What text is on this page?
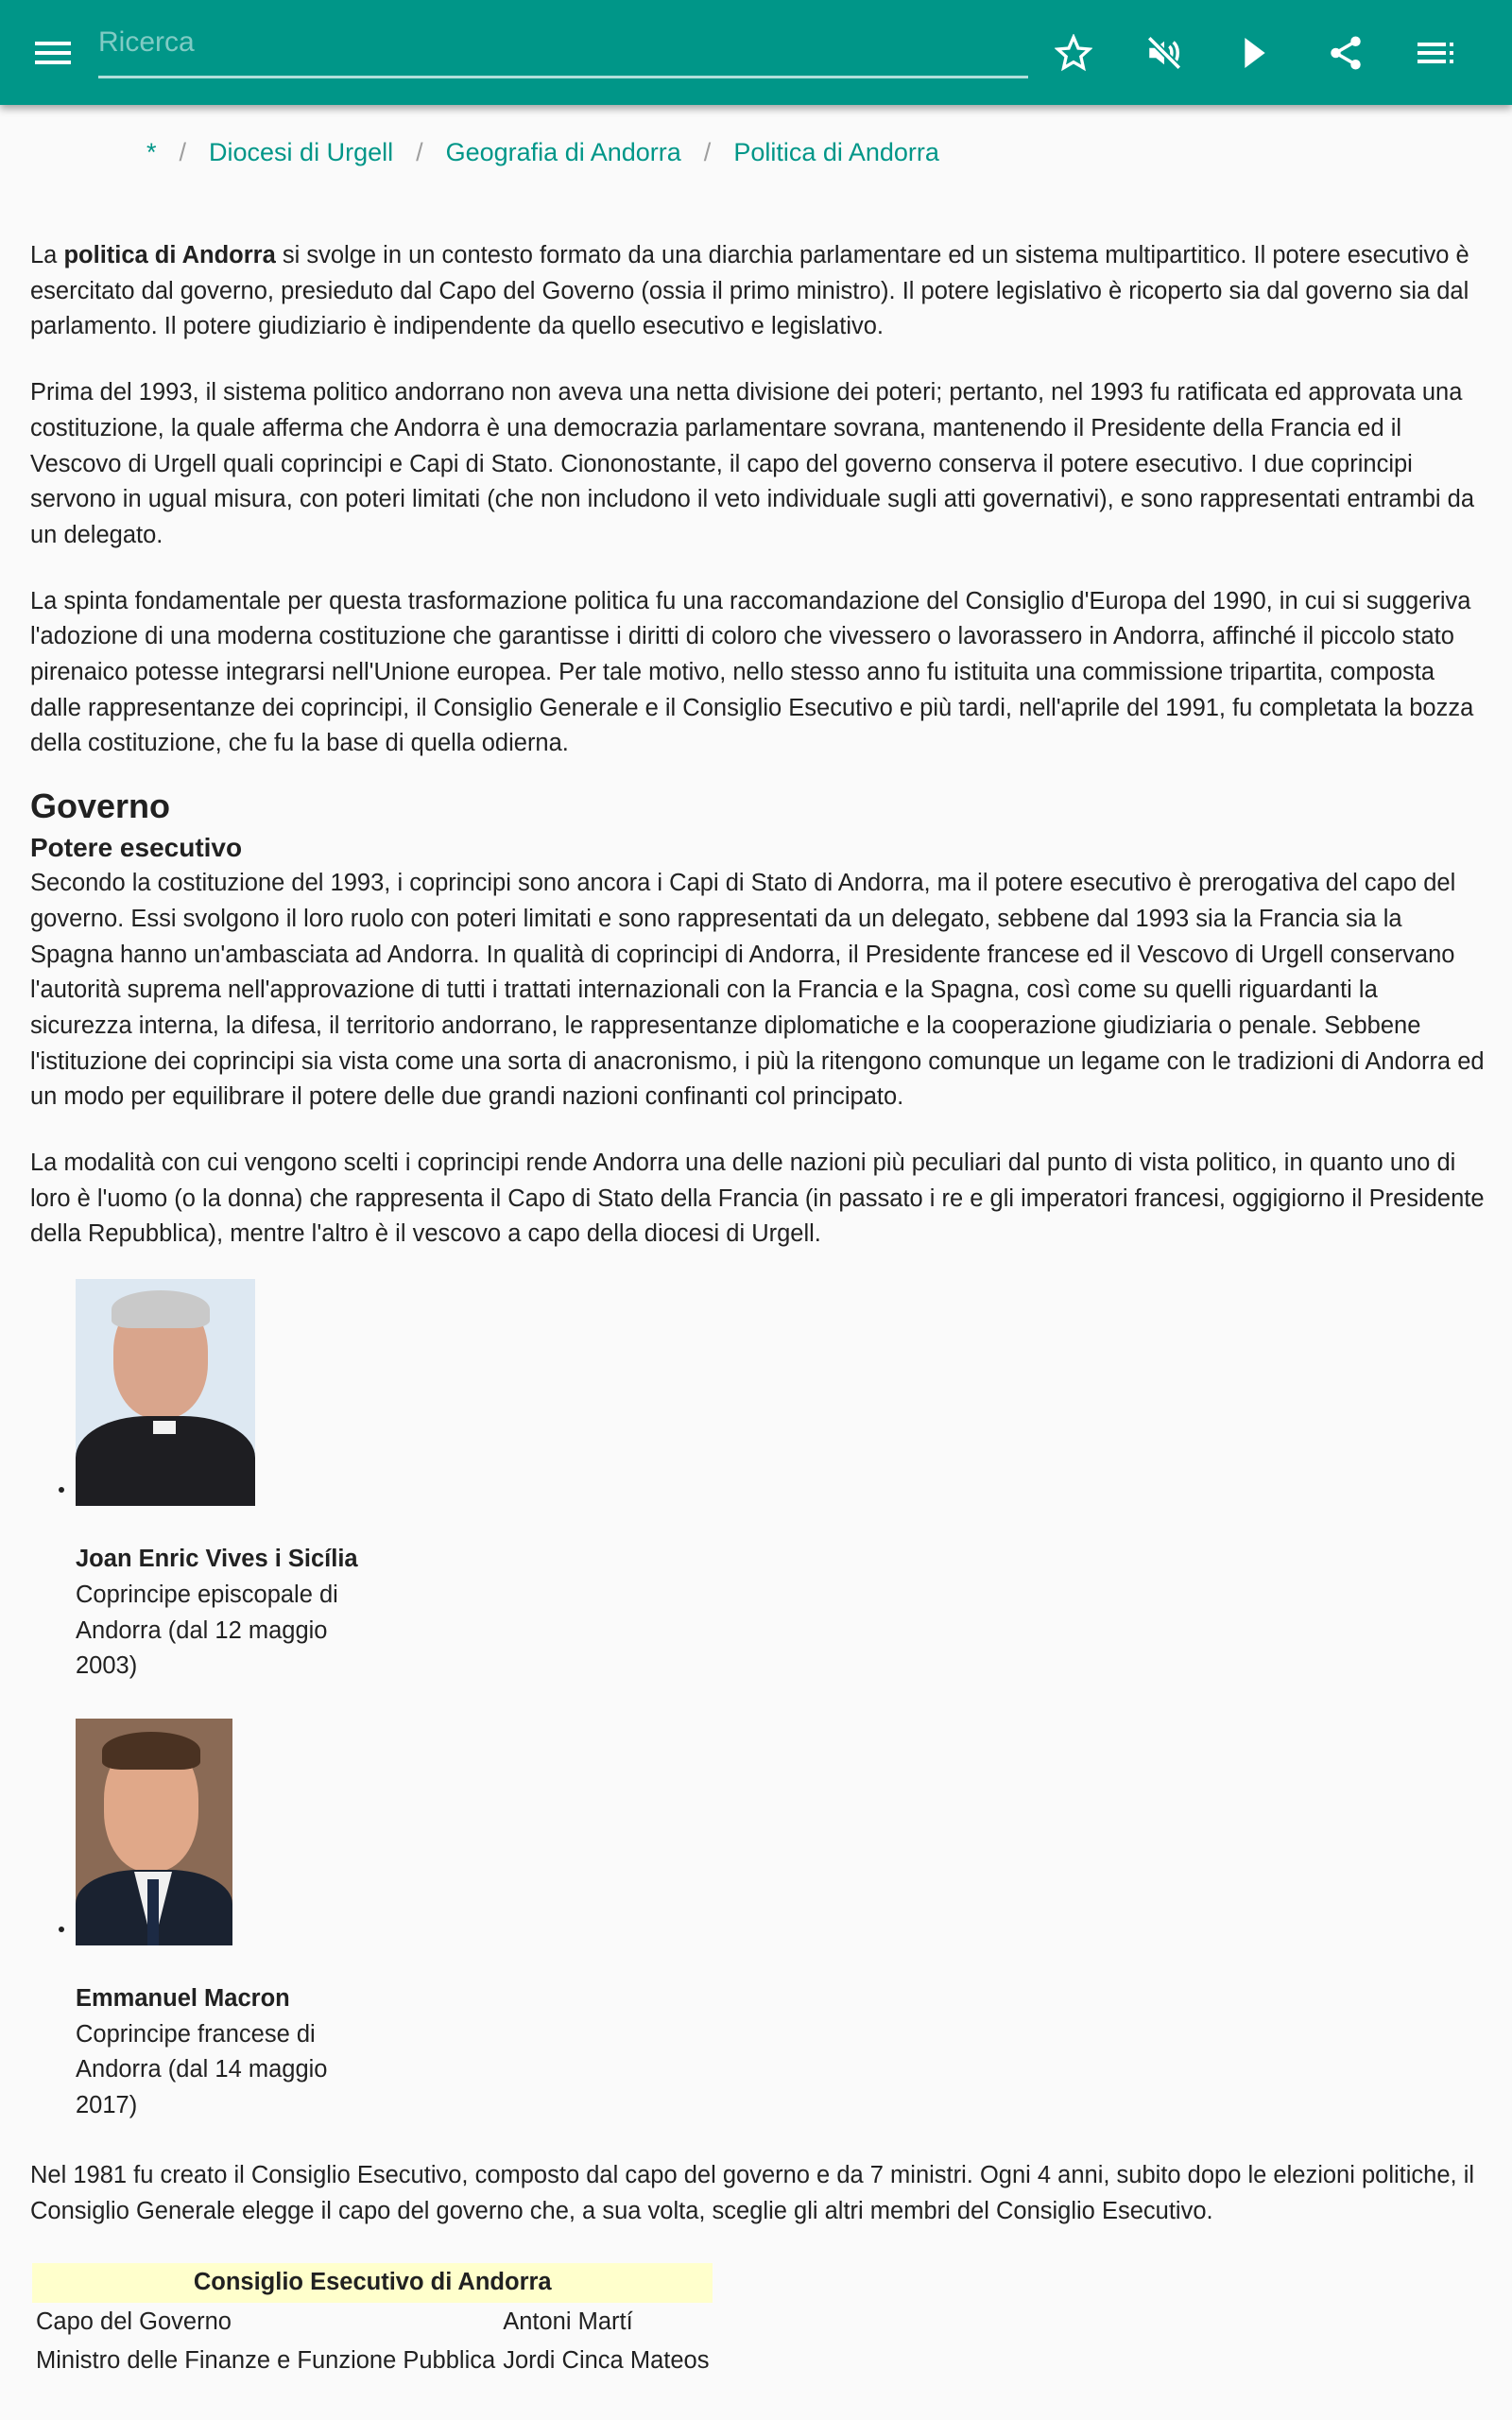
Ricerca
* / Diocesi di Urgell / Geografia di Andorra / Politica di Andorra

La politica di Andorra si svolge in un contesto formato da una diarchia parlamentare ed un sistema multipartitico. Il potere esecutivo è esercitato dal governo, presieduto dal Capo del Governo (ossia il primo ministro). Il potere legislativo è ricoperto sia dal governo sia dal parlamento. Il potere giudiziario è indipendente da quello esecutivo e legislativo.

Prima del 1993, il sistema politico andorrano non aveva una netta divisione dei poteri; pertanto, nel 1993 fu ratificata ed approvata una costituzione, la quale afferma che Andorra è una democrazia parlamentare sovrana, mantenendo il Presidente della Francia ed il Vescovo di Urgell quali coprincipi e Capi di Stato. Ciononostante, il capo del governo conserva il potere esecutivo. I due coprincipi servono in ugual misura, con poteri limitati (che non includono il veto individuale sugli atti governativi), e sono rappresentati entrambi da un delegato.

La spinta fondamentale per questa trasformazione politica fu una raccomandazione del Consiglio d'Europa del 1990, in cui si suggeriva l'adozione di una moderna costituzione che garantisse i diritti di coloro che vivessero o lavorassero in Andorra, affinché il piccolo stato pirenaico potesse integrarsi nell'Unione europea. Per tale motivo, nello stesso anno fu istituita una commissione tripartita, composta dalle rappresentanze dei coprincipi, il Consiglio Generale e il Consiglio Esecutivo e più tardi, nell'aprile del 1991, fu completata la bozza della costituzione, che fu la base di quella odierna.

Governo
Potere esecutivo

Secondo la costituzione del 1993, i coprincipi sono ancora i Capi di Stato di Andorra, ma il potere esecutivo è prerogativa del capo del governo. Essi svolgono il loro ruolo con poteri limitati e sono rappresentati da un delegato, sebbene dal 1993 sia la Francia sia la Spagna hanno un'ambasciata ad Andorra. In qualità di coprincipi di Andorra, il Presidente francese ed il Vescovo di Urgell conservano l'autorità suprema nell'approvazione di tutti i trattati internazionali con la Francia e la Spagna, così come su quelli riguardanti la sicurezza interna, la difesa, il territorio andorrano, le rappresentanze diplomatiche e la cooperazione giudiziaria o penale. Sebbene l'istituzione dei coprincipi sia vista come una sorta di anacronismo, i più la ritengono comunque un legame con le tradizioni di Andorra ed un modo per equilibrare il potere delle due grandi nazioni confinanti col principato.

La modalità con cui vengono scelti i coprincipi rende Andorra una delle nazioni più peculiari dal punto di vista politico, in quanto uno di loro è l'uomo (o la donna) che rappresenta il Capo di Stato della Francia (in passato i re e gli imperatori francesi, oggigiorno il Presidente della Repubblica), mentre l'altro è il vescovo a capo della diocesi di Urgell.

• Joan Enric Vives i Sicília
Coprincipe episcopale di Andorra (dal 12 maggio 2003)
• Emmanuel Macron
Coprincipe francese di Andorra (dal 14 maggio 2017)

Nel 1981 fu creato il Consiglio Esecutivo, composto dal capo del governo e da 7 ministri. Ogni 4 anni, subito dopo le elezioni politiche, il Consiglio Generale elegge il capo del governo che, a sua volta, sceglie gli altri membri del Consiglio Esecutivo.

Consiglio Esecutivo di Andorra	
Capo del Governo	Antoni Martí
Ministro delle Finanze e Funzione Pubblica	Jordi Cinca Mateos
